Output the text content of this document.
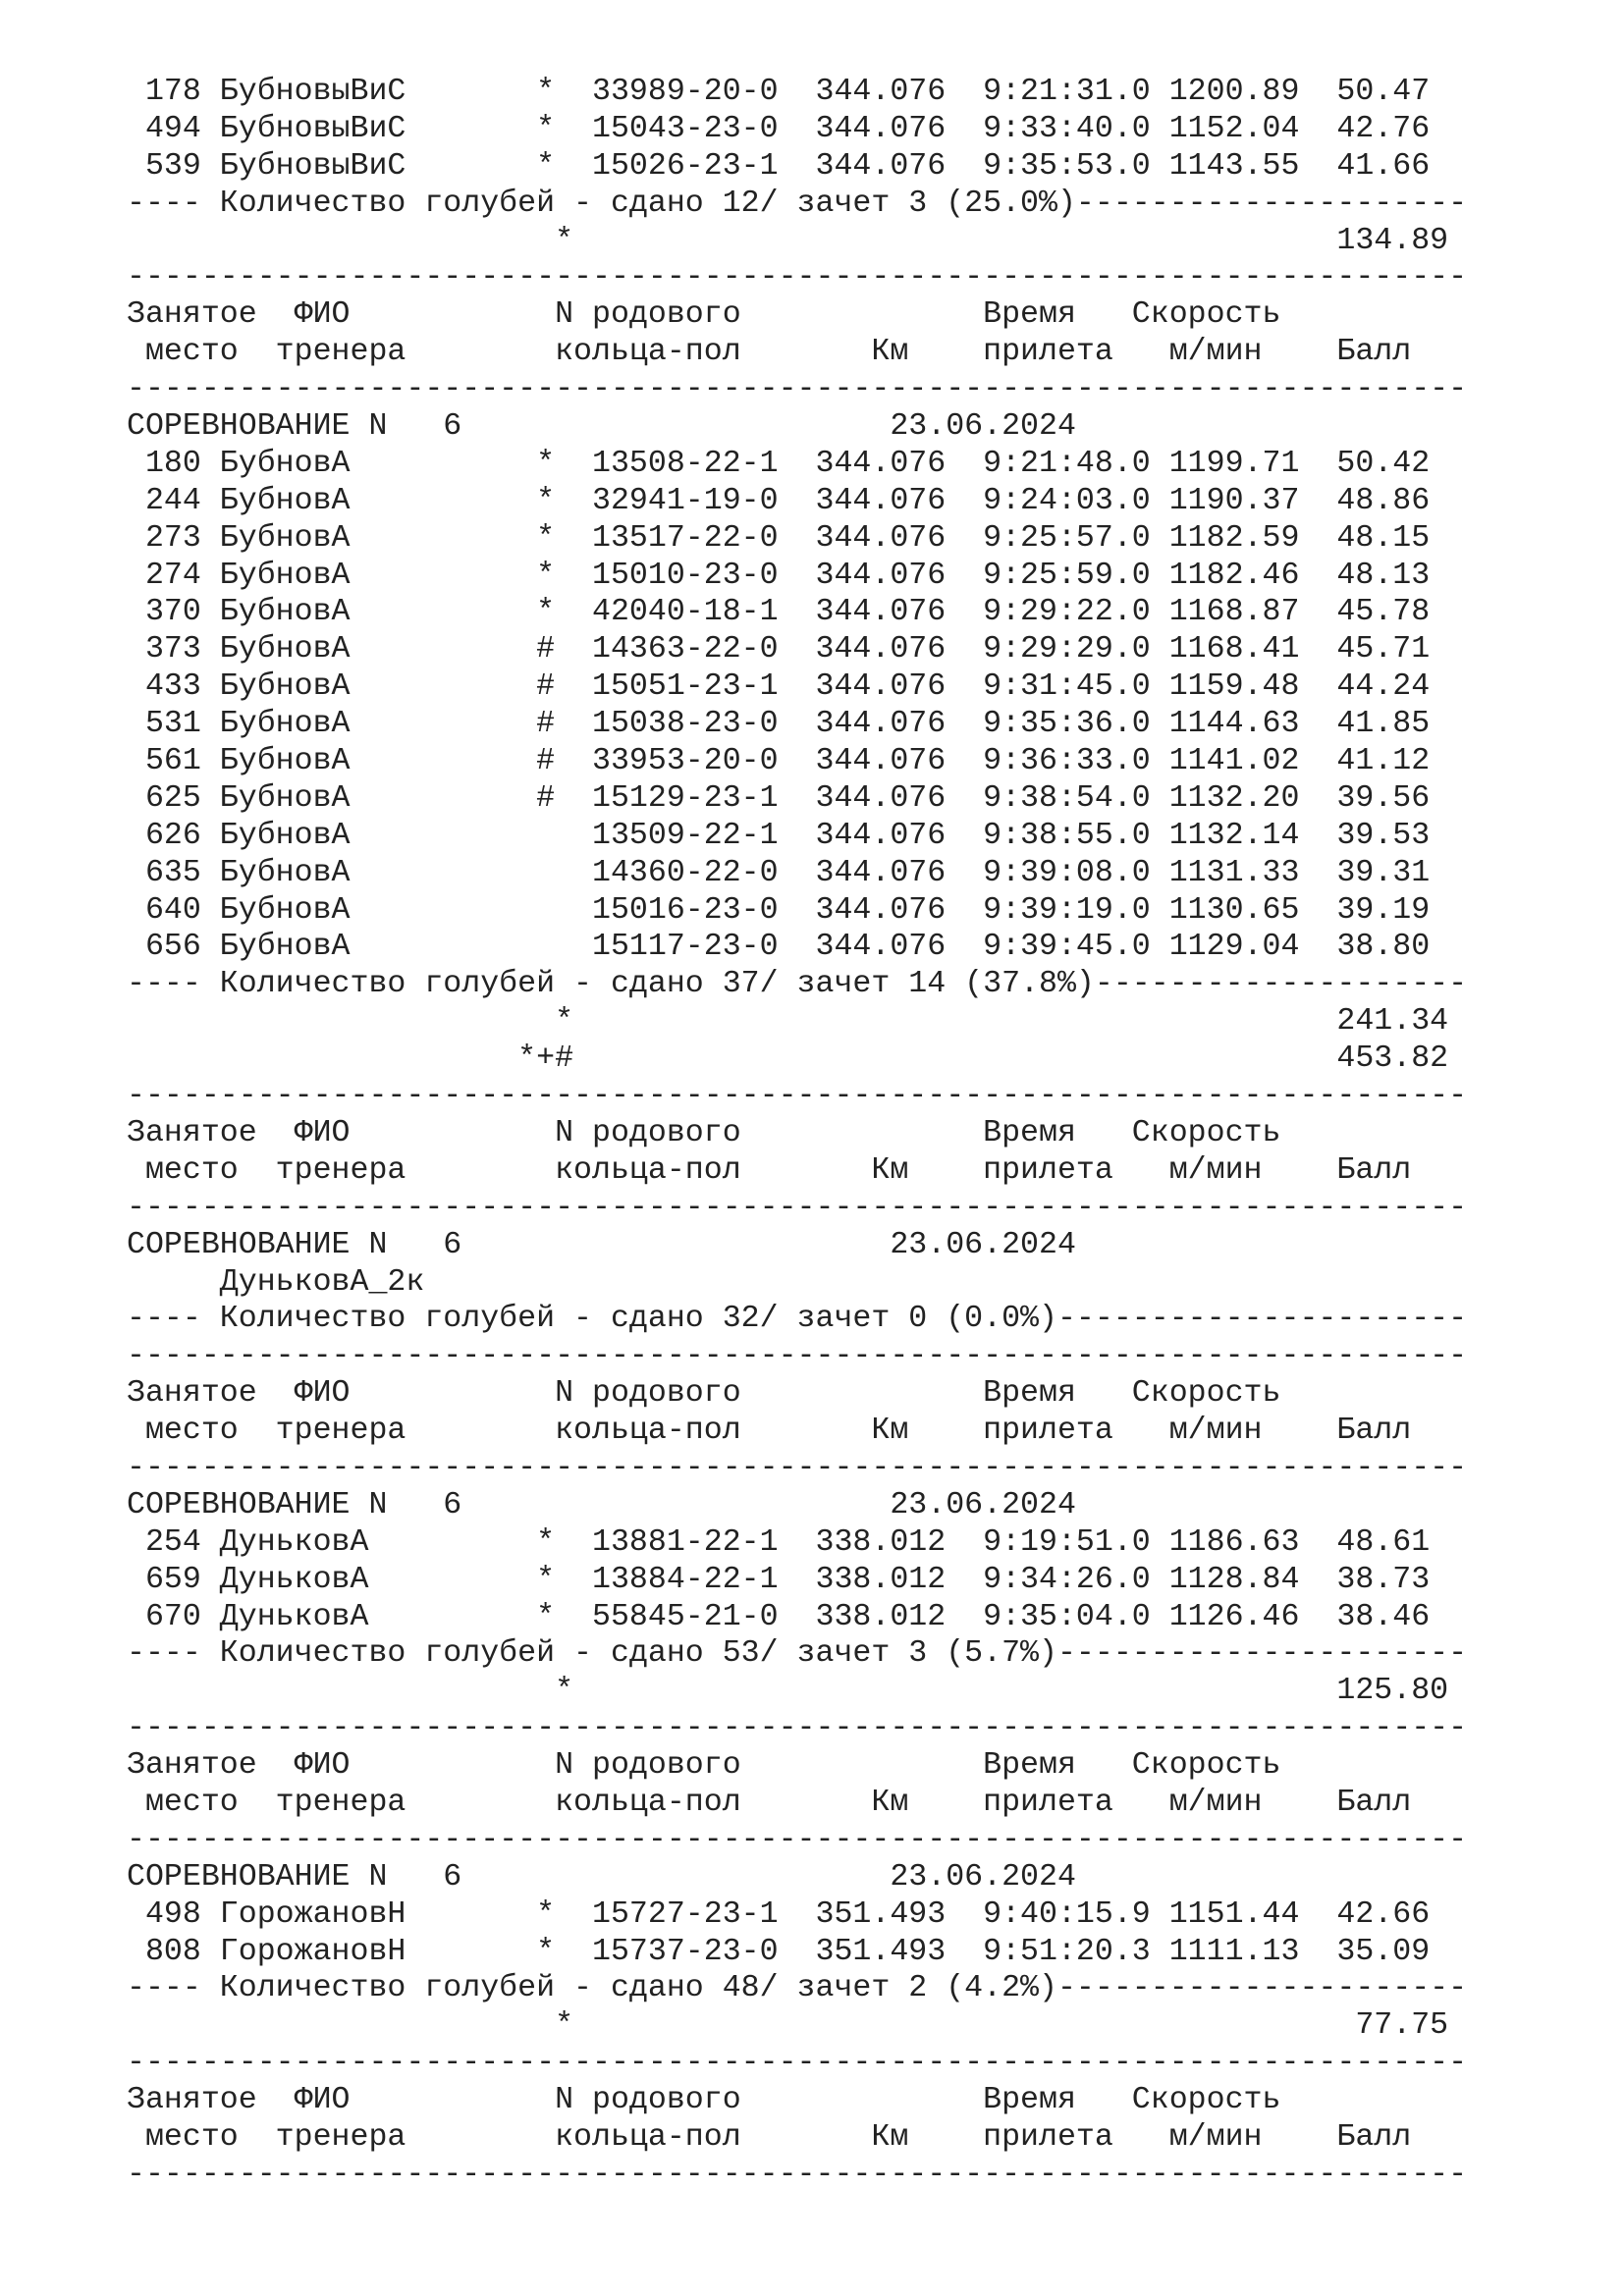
178 БубновыВиС       *  33989-20-0  344.076  9:21:31.0 1200.89  50.47
494 БубновыВиС       *  15043-23-0  344.076  9:33:40.0 1152.04  42.76
539 БубновыВиС       *  15026-23-1  344.076  9:35:53.0 1143.55  41.66
---- Количество голубей - сдано 12/ зачет 3 (25.0%)---------------------
*                                         134.89
------------------------------------------------------------------------
Занятое  ФИО           N родового             Время   Скорость
место  тренера        кольца-пол       Км    прилета   м/мин    Балл
------------------------------------------------------------------------
СОРЕВНОВАНИЕ N   6                       23.06.2024
180 БубновA          *  13508-22-1  344.076  9:21:48.0 1199.71  50.42
244 БубновA          *  32941-19-0  344.076  9:24:03.0 1190.37  48.86
273 БубновA          *  13517-22-0  344.076  9:25:57.0 1182.59  48.15
274 БубновA          *  15010-23-0  344.076  9:25:59.0 1182.46  48.13
370 БубновA          *  42040-18-1  344.076  9:29:22.0 1168.87  45.78
373 БубновA          #  14363-22-0  344.076  9:29:29.0 1168.41  45.71
433 БубновA          #  15051-23-1  344.076  9:31:45.0 1159.48  44.24
531 БубновA          #  15038-23-0  344.076  9:35:36.0 1144.63  41.85
561 БубновA          #  33953-20-0  344.076  9:36:33.0 1141.02  41.12
625 БубновA          #  15129-23-1  344.076  9:38:54.0 1132.20  39.56
626 БубновA             13509-22-1  344.076  9:38:55.0 1132.14  39.53
635 БубновA             14360-22-0  344.076  9:39:08.0 1131.33  39.31
640 БубновA             15016-23-0  344.076  9:39:19.0 1130.65  39.19
656 БубновA             15117-23-0  344.076  9:39:45.0 1129.04  38.80
---- Количество голубей - сдано 37/ зачет 14 (37.8%)--------------------
*                                         241.34
*+#                                         453.82
------------------------------------------------------------------------
Занятое  ФИО           N родового             Время   Скорость
место  тренера        кольца-пол       Км    прилета   м/мин    Балл
------------------------------------------------------------------------
СОРЕВНОВАНИЕ N   6                       23.06.2024
ДуньковA_2к
---- Количество голубей - сдано 32/ зачет 0 (0.0%)----------------------
------------------------------------------------------------------------
Занятое  ФИО           N родового             Время   Скорость
место  тренера        кольца-пол       Км    прилета   м/мин    Балл
------------------------------------------------------------------------
СОРЕВНОВАНИЕ N   6                       23.06.2024
254 ДуньковA         *  13881-22-1  338.012  9:19:51.0 1186.63  48.61
659 ДуньковA         *  13884-22-1  338.012  9:34:26.0 1128.84  38.73
670 ДуньковA         *  55845-21-0  338.012  9:35:04.0 1126.46  38.46
---- Количество голубей - сдано 53/ зачет 3 (5.7%)----------------------
*                                         125.80
------------------------------------------------------------------------
Занятое  ФИО           N родового             Время   Скорость
место  тренера        кольца-пол       Км    прилета   м/мин    Балл
------------------------------------------------------------------------
СОРЕВНОВАНИЕ N   6                       23.06.2024
498 ГорожановН       *  15727-23-1  351.493  9:40:15.9 1151.44  42.66
808 ГорожановН       *  15737-23-0  351.493  9:51:20.3 1111.13  35.09
---- Количество голубей - сдано 48/ зачет 2 (4.2%)----------------------
*                                          77.75
------------------------------------------------------------------------
Занятое  ФИО           N родового             Время   Скорость
место  тренера        кольца-пол       Км    прилета   м/мин    Балл
------------------------------------------------------------------------
